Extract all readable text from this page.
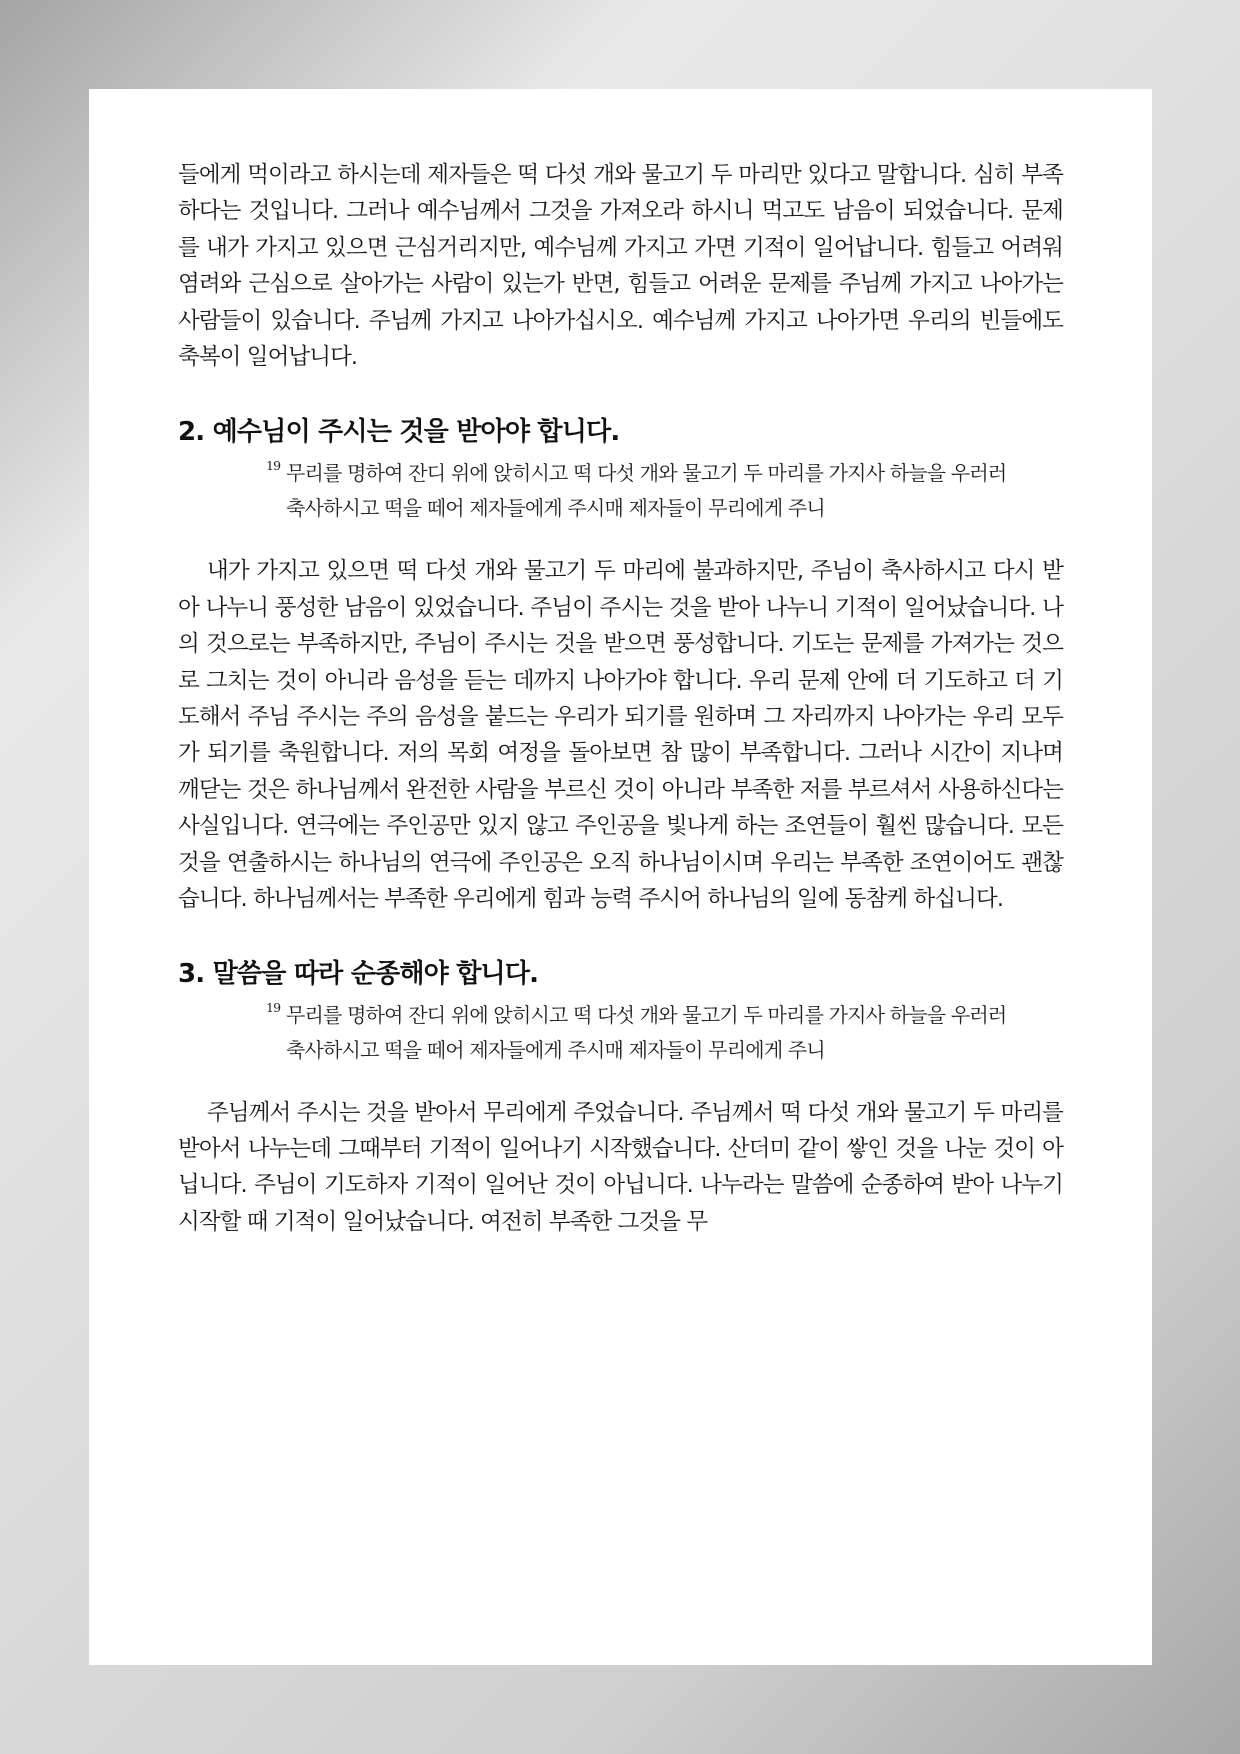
들에게 먹이라고 하시는데 제자들은 떡 다섯 개와 물고기 두 마리만 있다고 말합니다. 심히 부족하다는 것입니다. 그러나 예수님께서 그것을 가져오라 하시니 먹고도 남음이 되었습니다. 문제를 내가 가지고 있으면 근심거리지만, 예수님께 가지고 가면 기적이 일어납니다. 힘들고 어려워 염려와 근심으로 살아가는 사람이 있는가 반면, 힘들고 어려운 문제를 주님께 가지고 나아가는 사람들이 있습니다. 주님께 가지고 나아가십시오. 예수님께 가지고 나아가면 우리의 빈들에도 축복이 일어납니다.

2. 예수님이 주시는 것을 받아야 합니다.
19 무리를 명하여 잔디 위에 앉히시고 떡 다섯 개와 물고기 두 마리를 가지사 하늘을 우러러 축사하시고 떡을 떼어 제자들에게 주시매 제자들이 무리에게 주니

내가 가지고 있으면 떡 다섯 개와 물고기 두 마리에 불과하지만, 주님이 축사하시고 다시 받아 나누니 풍성한 남음이 있었습니다. 주님이 주시는 것을 받아 나누니 기적이 일어났습니다. 나의 것으로는 부족하지만, 주님이 주시는 것을 받으면 풍성합니다. 기도는 문제를 가져가는 것으로 그치는 것이 아니라 음성을 듣는 데까지 나아가야 합니다. 우리 문제 안에 더 기도하고 더 기도해서 주님 주시는 주의 음성을 붙드는 우리가 되기를 원하며 그 자리까지 나아가는 우리 모두가 되기를 축원합니다. 저의 목회 여정을 돌아보면 참 많이 부족합니다. 그러나 시간이 지나며 깨닫는 것은 하나님께서 완전한 사람을 부르신 것이 아니라 부족한 저를 부르셔서 사용하신다는 사실입니다. 연극에는 주인공만 있지 않고 주인공을 빛나게 하는 조연들이 훨씬 많습니다. 모든 것을 연출하시는 하나님의 연극에 주인공은 오직 하나님이시며 우리는 부족한 조연이어도 괜찮습니다. 하나님께서는 부족한 우리에게 힘과 능력 주시어 하나님의 일에 동참케 하십니다.

3. 말씀을 따라 순종해야 합니다.
19 무리를 명하여 잔디 위에 앉히시고 떡 다섯 개와 물고기 두 마리를 가지사 하늘을 우러러 축사하시고 떡을 떼어 제자들에게 주시매 제자들이 무리에게 주니

주님께서 주시는 것을 받아서 무리에게 주었습니다. 주님께서 떡 다섯 개와 물고기 두 마리를 받아서 나누는데 그때부터 기적이 일어나기 시작했습니다. 산더미 같이 쌓인 것을 나눈 것이 아닙니다. 주님이 기도하자 기적이 일어난 것이 아닙니다. 나누라는 말씀에 순종하여 받아 나누기 시작할 때 기적이 일어났습니다. 여전히 부족한 그것을 무
